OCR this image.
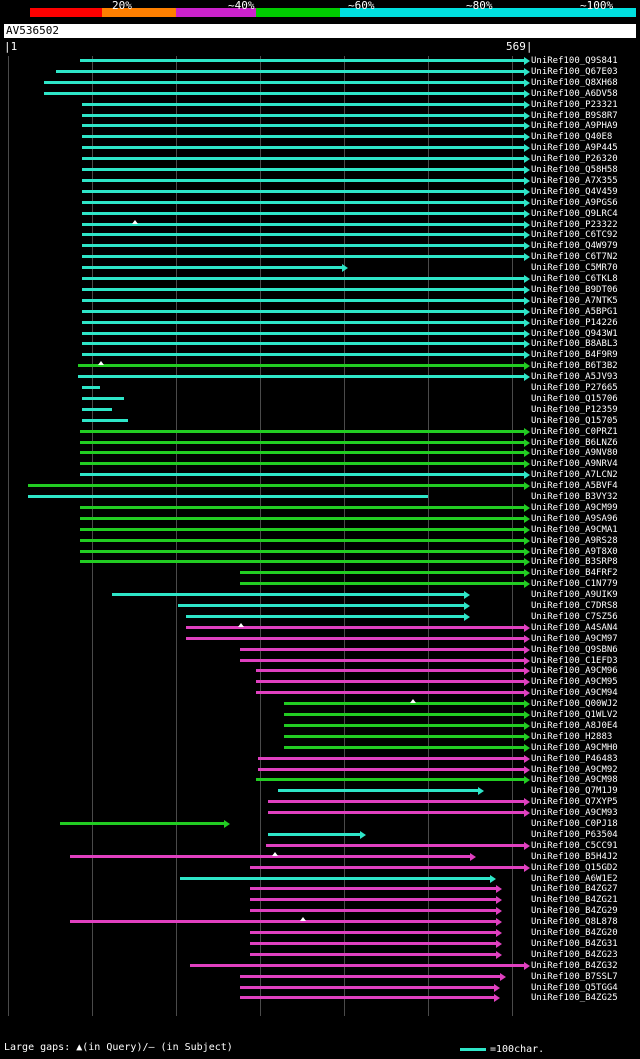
20%	~40%	~60%	~80%	~100%
AV536502
|1	569|
UniRef100_Q9S841
UniRef100_Q67E03
UniRef100_Q8XH68
UniRef100_A6DV58
UniRef100_P23321
UniRef100_B9S8R7
UniRef100_A9PHA9
UniRef100_Q40E8
UniRef100_A9P445
UniRef100_P26320
UniRef100_Q58H58
UniRef100_A7X355
UniRef100_Q4V459
UniRef100_A9PGS6
UniRef100_Q9LRC4
UniRef100_P23322
UniRef100_C6TC92
UniRef100_Q4W979
UniRef100_C6T7N2
UniRef100_C5MR70
UniRef100_C6TKL8
UniRef100_B9DT06
UniRef100_A7NTK5
UniRef100_A5BPG1
UniRef100_P14226
UniRef100_Q943W1
UniRef100_B8ABL3
UniRef100_B4F9R9
UniRef100_B6T3B2
UniRef100_A5JV93
UniRef100_P27665
UniRef100_Q15706
UniRef100_P12359
UniRef100_Q15705
UniRef100_C0PRZ1
UniRef100_B6LNZ6
UniRef100_A9NV80
UniRef100_A9NRV4
UniRef100_A7LCN2
UniRef100_A5BVF4
UniRef100_B3VY32
UniRef100_A9CM99
UniRef100_A9SA96
UniRef100_A9CMA1
UniRef100_A9RS28
UniRef100_A9T8X0
UniRef100_B3SRP8
UniRef100_B4FRF2
UniRef100_C1N779
UniRef100_A9UIK9
UniRef100_C7DRS8
UniRef100_C7SZ56
UniRef100_A4SAN4
UniRef100_A9CM97
UniRef100_Q9SBN6
UniRef100_C1EFD3
UniRef100_A9CM96
UniRef100_A9CM95
UniRef100_A9CM94
UniRef100_Q00WJ2
UniRef100_Q1WLV2
UniRef100_A8J0E4
UniRef100_H2883
UniRef100_A9CMH0
UniRef100_P46483
UniRef100_A9CM92
UniRef100_A9CM98
UniRef100_Q7M1J9
UniRef100_Q7XYP5
UniRef100_A9CM93
UniRef100_C0PJ18
UniRef100_P63504
UniRef100_C5CC91
UniRef100_B5H4J2
UniRef100_Q15GD2
UniRef100_A6W1E2
UniRef100_B4ZG27
UniRef100_B4ZG21
UniRef100_B4ZG29
UniRef100_Q8L878
UniRef100_B4ZG20
UniRef100_B4ZG31
UniRef100_B4ZG23
UniRef100_B4ZG32
UniRef100_B7SSL7
UniRef100_Q5TGG4
UniRef100_B4ZG25
Large gaps: ▲(in Query)/– (in Subject)	=100char.
